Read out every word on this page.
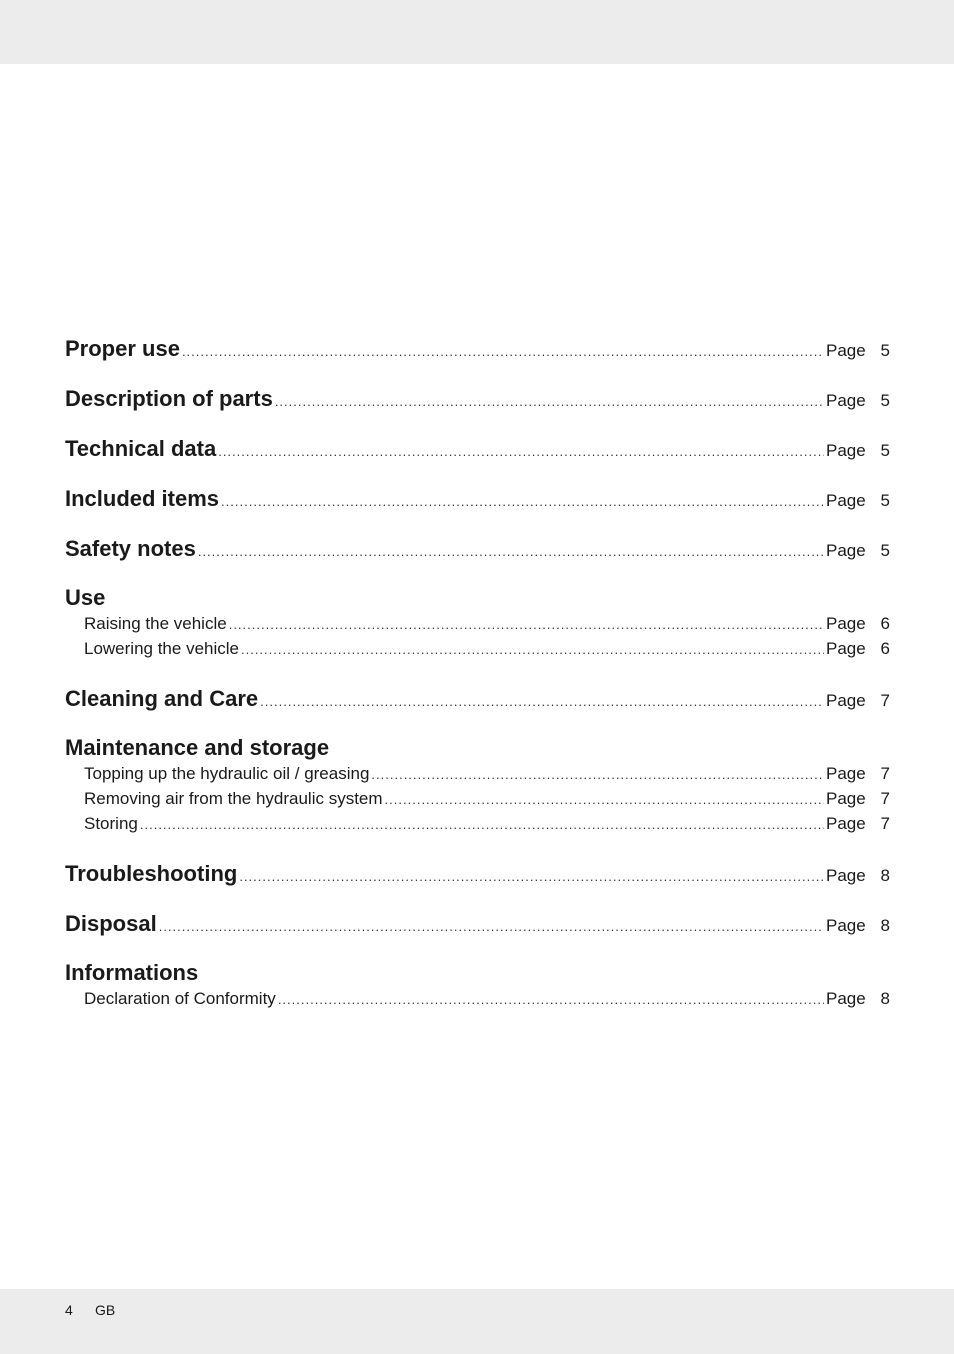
Proper use .....	Page 5
Description of parts .....	Page 5
Technical data .....	Page 5
Included items .....	Page 5
Safety notes .....	Page 5
Use
Raising the vehicle .....	Page 6
Lowering the vehicle .....	Page 6
Cleaning and Care .....	Page 7
Maintenance and storage
Topping up the hydraulic oil / greasing .....	Page 7
Removing air from the hydraulic system .....	Page 7
Storing .....	Page 7
Troubleshooting .....	Page 8
Disposal .....	Page 8
Informations
Declaration of Conformity .....	Page 8
4 GB
